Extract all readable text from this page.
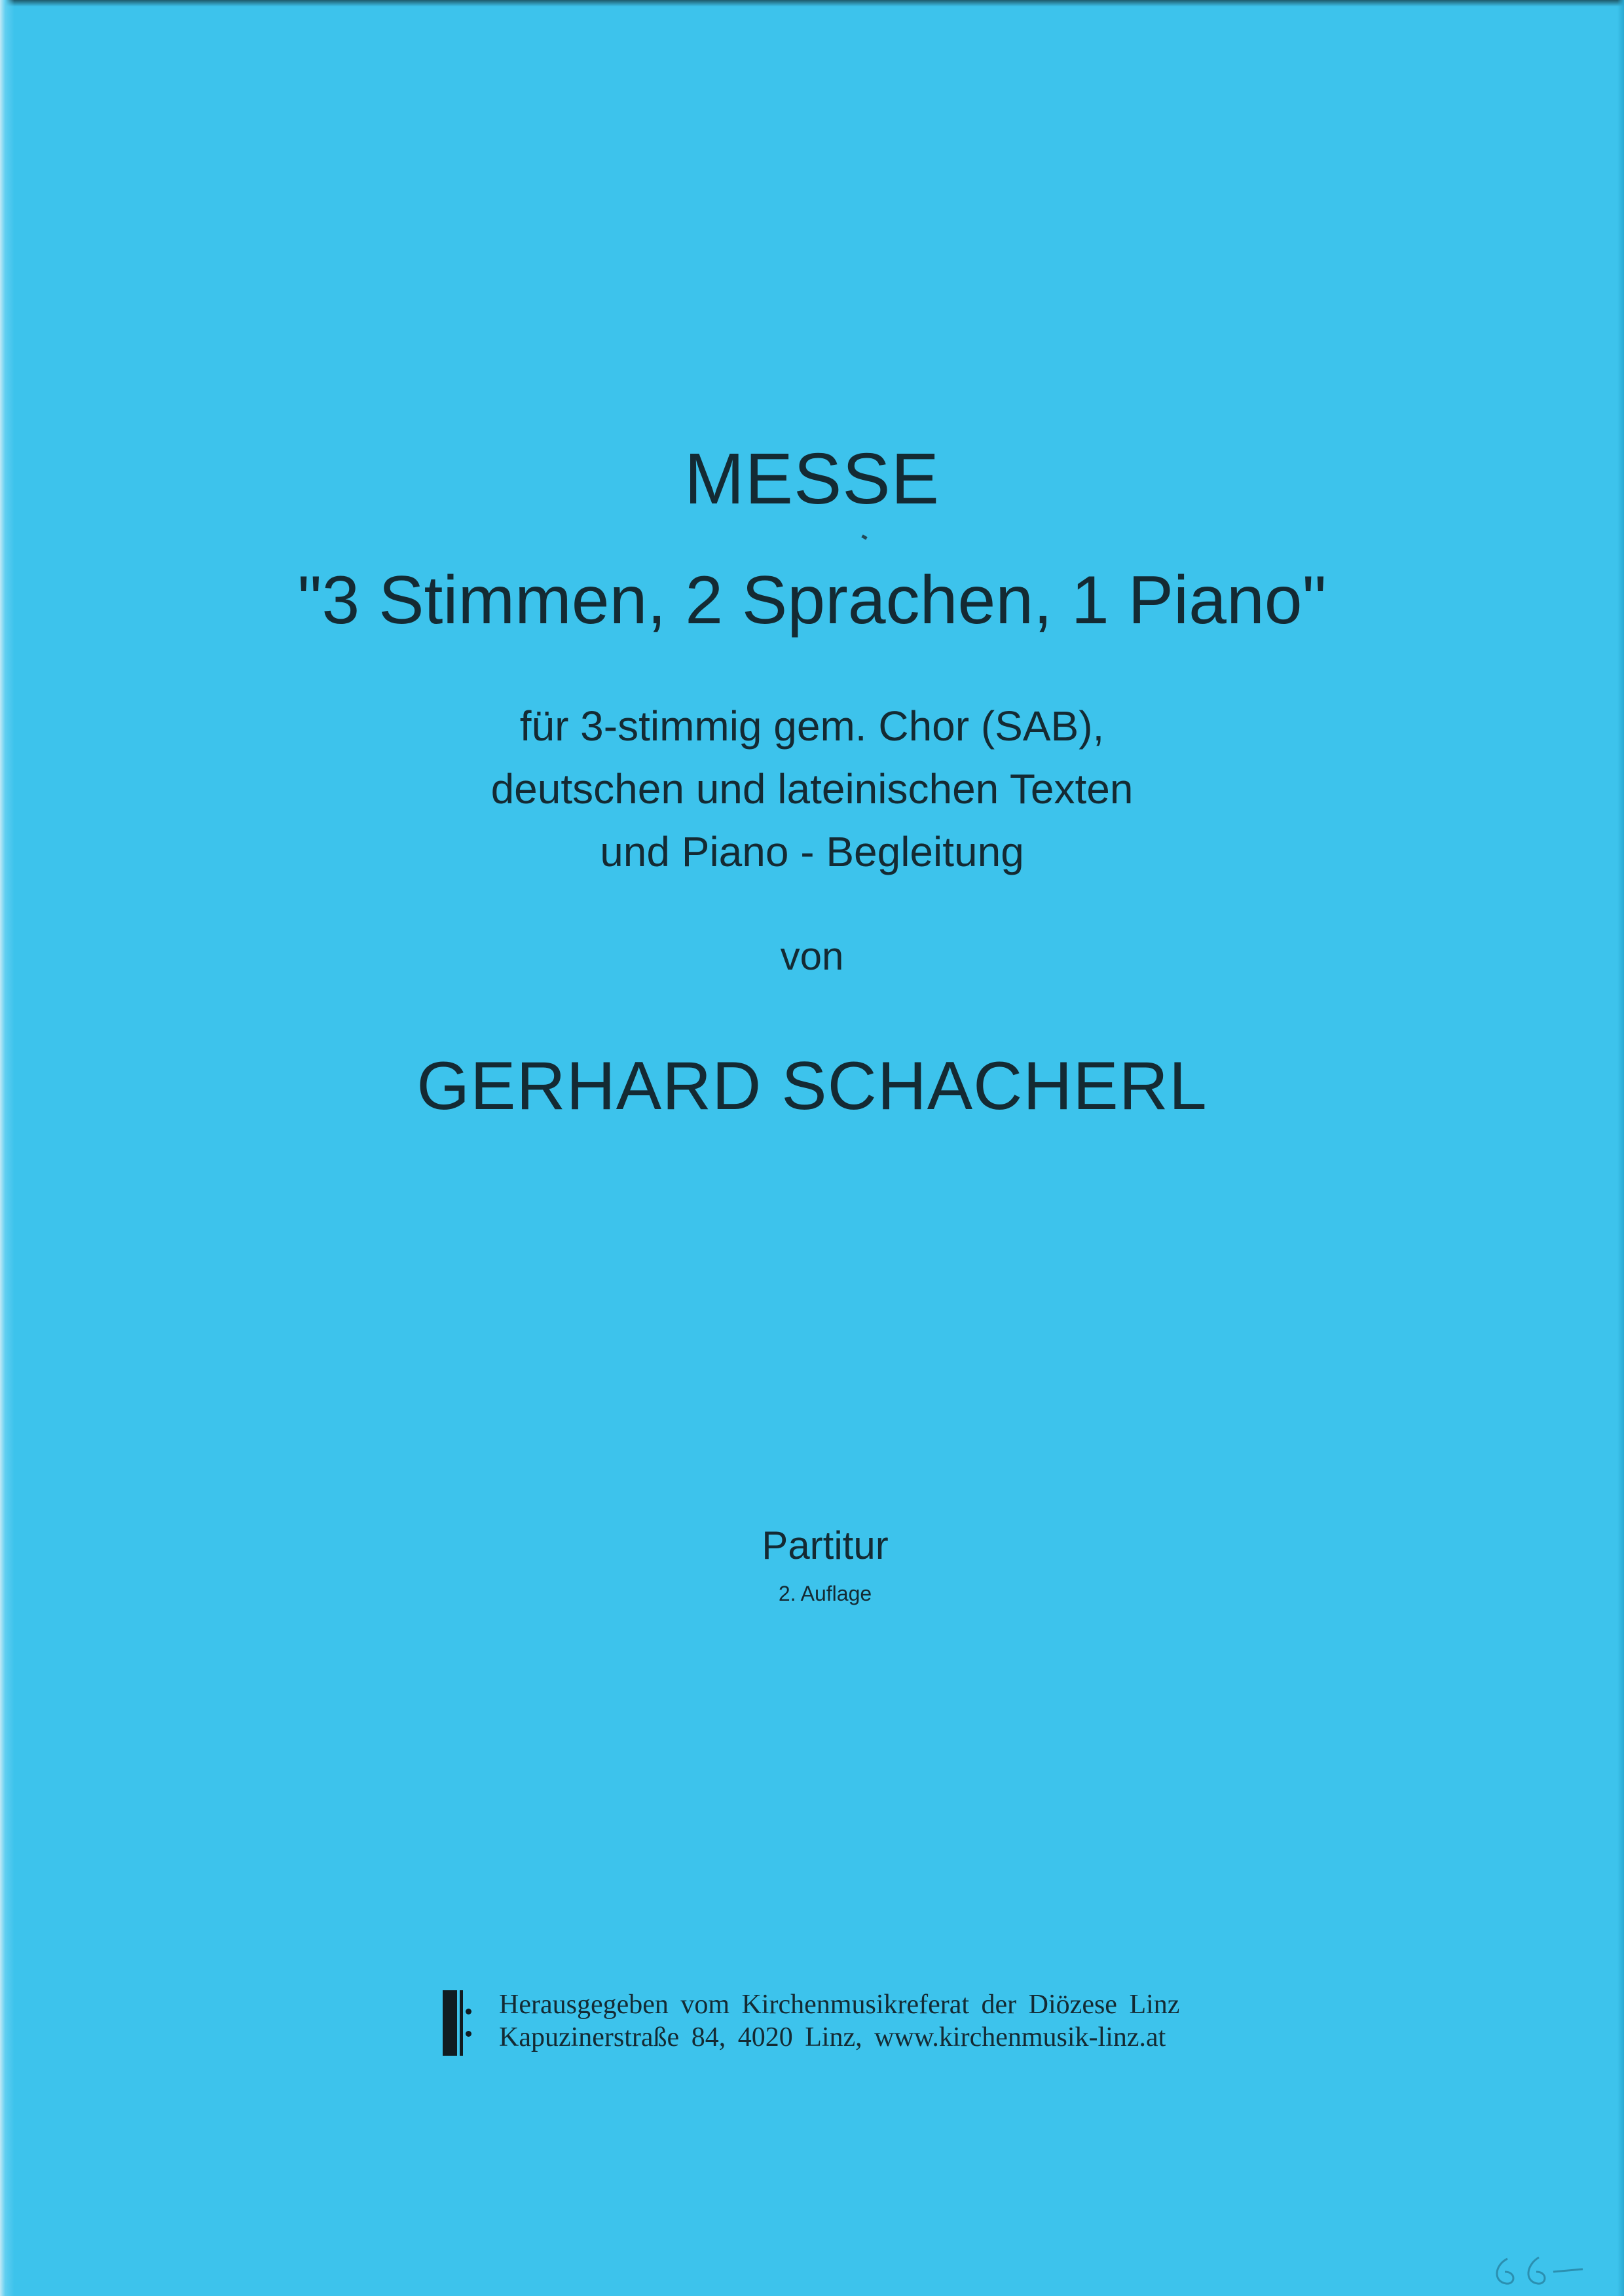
MESSE
"3 Stimmen, 2 Sprachen, 1 Piano"
für 3-stimmig gem. Chor (SAB),
deutschen und lateinischen Texten
und Piano - Begleitung
von
GERHARD SCHACHERL
Partitur
2. Auflage
Herausgegeben vom Kirchenmusikreferat der Diözese Linz
Kapuzinerstraße 84, 4020 Linz, www.kirchenmusik-linz.at
